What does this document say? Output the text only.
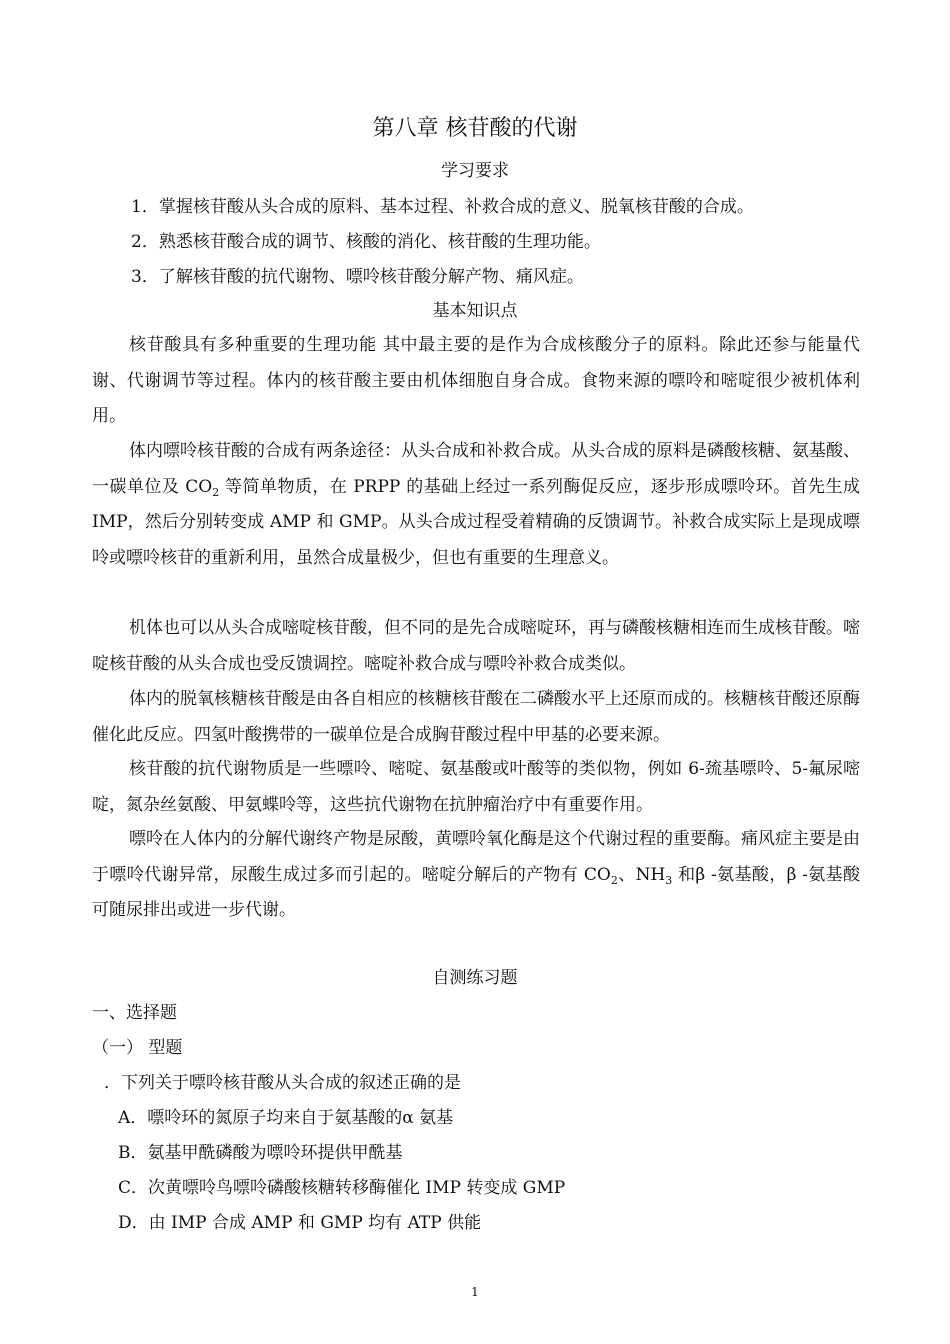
第八章 核苷酸的代谢
学习要求
1．掌握核苷酸从头合成的原料、基本过程、补救合成的意义、脱氧核苷酸的合成。
2．熟悉核苷酸合成的调节、核酸的消化、核苷酸的生理功能。
3．了解核苷酸的抗代谢物、嘌呤核苷酸分解产物、痛风症。
基本知识点

核苷酸具有多种重要的生理功能 其中最主要的是作为合成核酸分子的原料。除此还参与能量代谢、代谢调节等过程。体内的核苷酸主要由机体细胞自身合成。食物来源的嘌呤和嘧啶很少被机体利用。

体内嘌呤核苷酸的合成有两条途径：从头合成和补救合成。从头合成的原料是磷酸核糖、氨基酸、一碳单位及 $CO_2$ 等简单物质，在 PRPP 的基础上经过一系列酶促反应，逐步形成嘌呤环。首先生成 IMP，然后分别转变成 AMP 和 GMP。从头合成过程受着精确的反馈调节。补救合成实际上是现成嘌呤或嘌呤核苷的重新利用，虽然合成量极少，但也有重要的生理意义。

机体也可以从头合成嘧啶核苷酸，但不同的是先合成嘧啶环，再与磷酸核糖相连而生成核苷酸。嘧啶核苷酸的从头合成也受反馈调控。嘧啶补救合成与嘌呤补救合成类似。

体内的脱氧核糖核苷酸是由各自相应的核糖核苷酸在二磷酸水平上还原而成的。核糖核苷酸还原酶催化此反应。四氢叶酸携带的一碳单位是合成胸苷酸过程中甲基的必要来源。

核苷酸的抗代谢物质是一些嘌呤、嘧啶、氨基酸或叶酸等的类似物，例如 6-巯基嘌呤、5-氟尿嘧啶，氮杂丝氨酸、甲氨蝶呤等，这些抗代谢物在抗肿瘤治疗中有重要作用。

嘌呤在人体内的分解代谢终产物是尿酸，黄嘌呤氧化酶是这个代谢过程的重要酶。痛风症主要是由于嘌呤代谢异常，尿酸生成过多而引起的。嘧啶分解后的产物有 $CO_2$、$NH_3$ 和β -氨基酸，β -氨基酸可随尿排出或进一步代谢。

自测练习题
一、选择题
（一） 型题
．下列关于嘌呤核苷酸从头合成的叙述正确的是
A．嘌呤环的氮原子均来自于氨基酸的α 氨基
B．氨基甲酰磷酸为嘌呤环提供甲酰基
C．次黄嘌呤鸟嘌呤磷酸核糖转移酶催化 IMP 转变成 GMP
D．由 IMP 合成 AMP 和 GMP 均有 ATP 供能
1
